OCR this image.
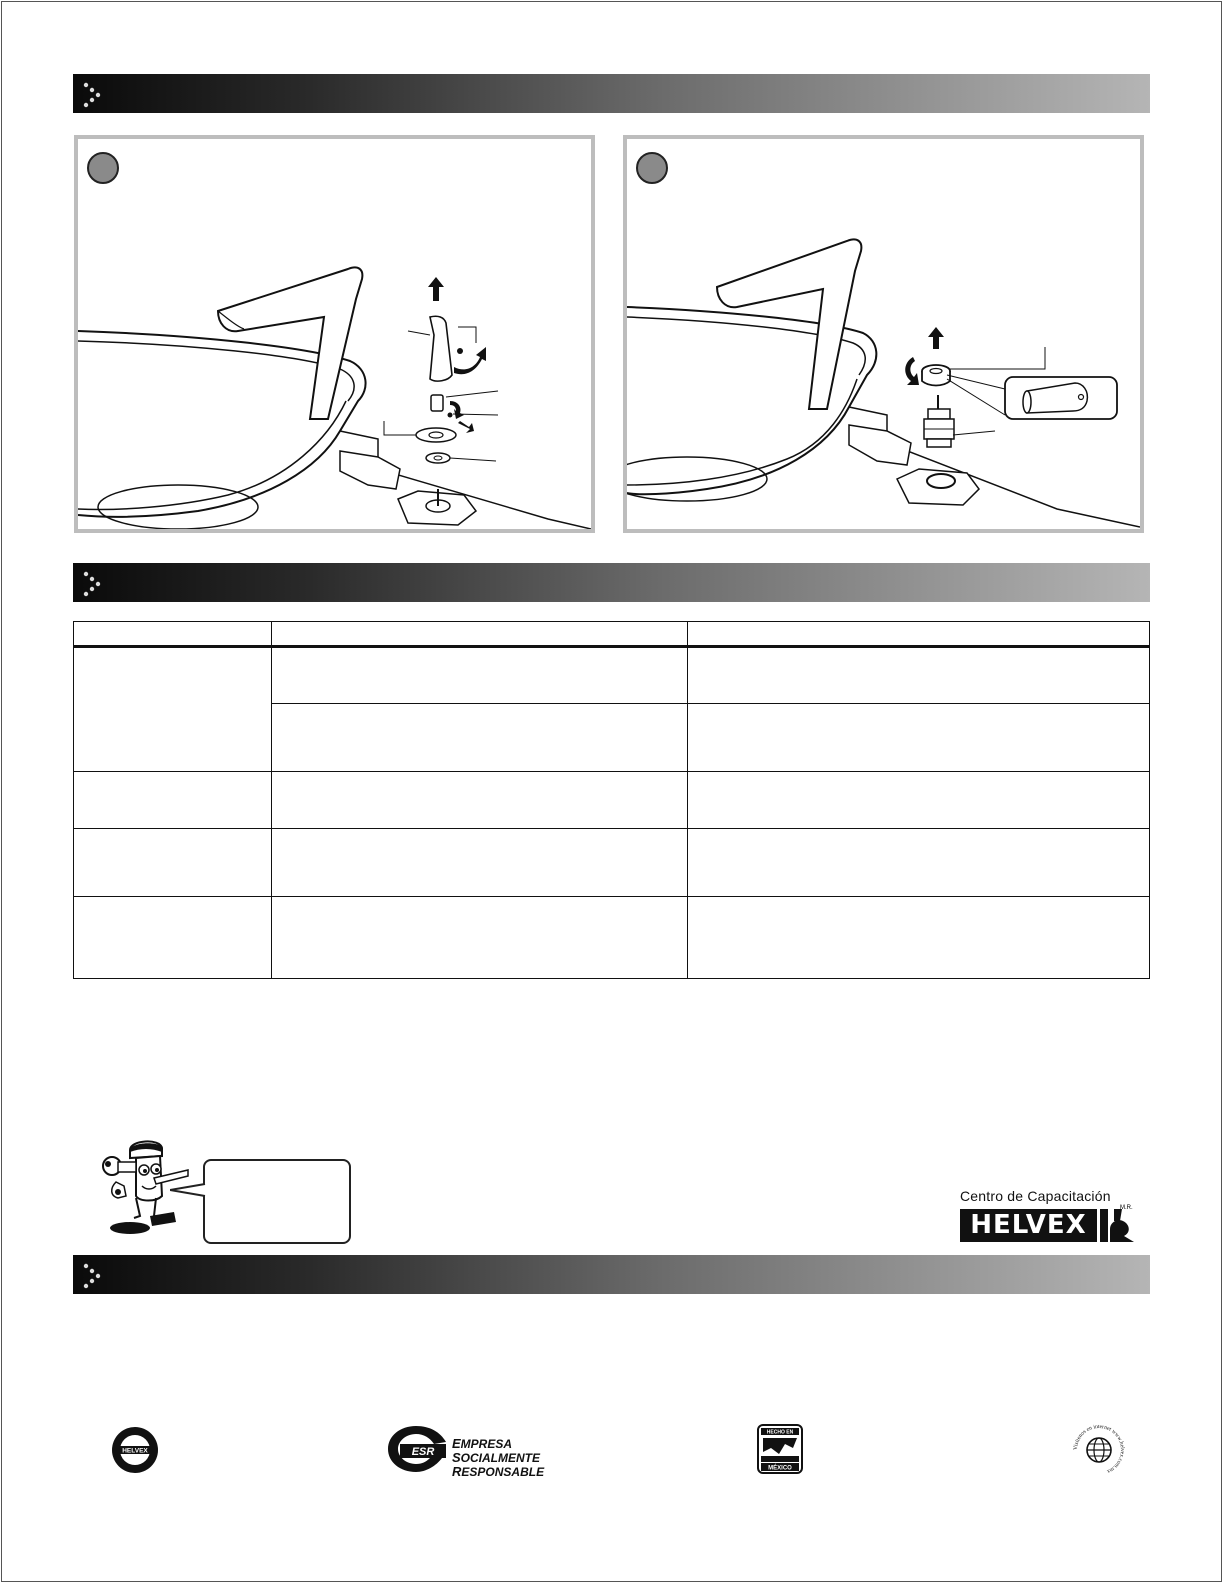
Centro de Capacitación
HELVEX
M.R.
HELVEX	ESR
EMPRESA
SOCIALMENTE
RESPONSABLE
HECHO EN
MÉXICO
Visítenos en internet www.helvex.com.mx
